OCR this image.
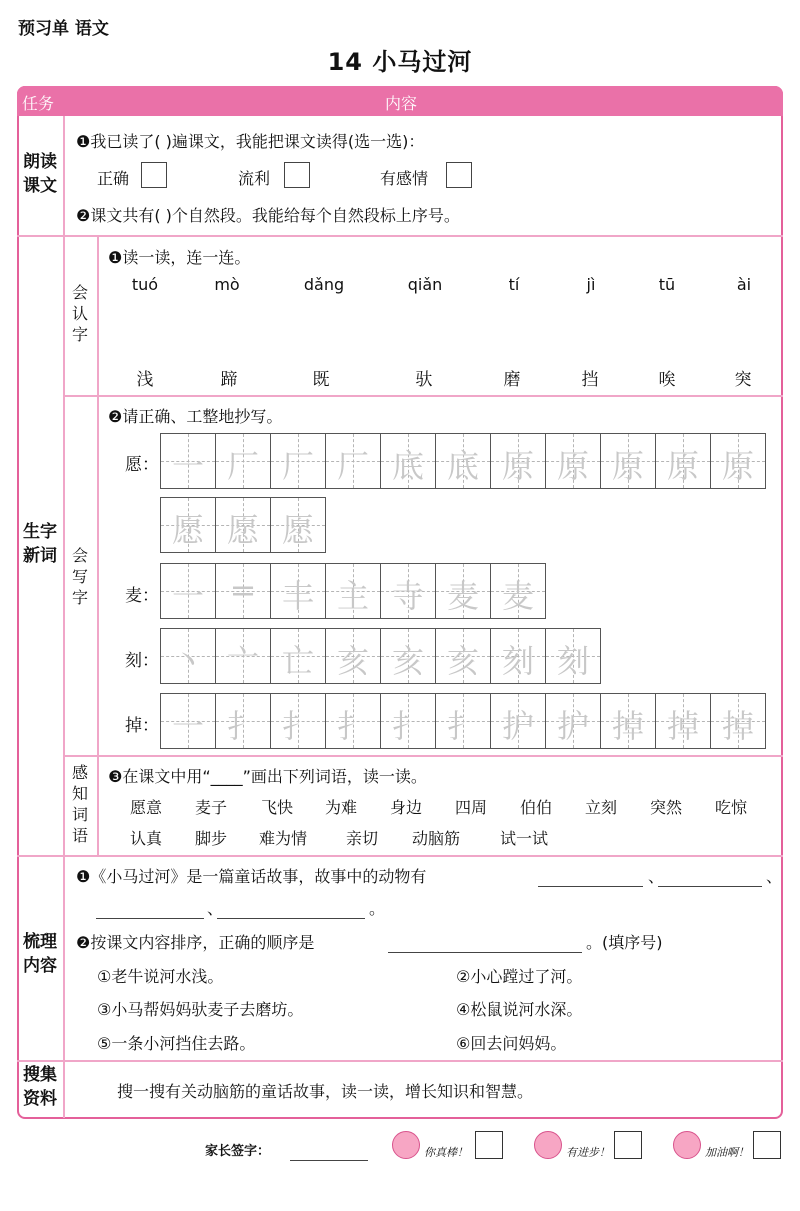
预习单 语文
14 小马过河
任务	内容
朗读
课文
❶我已读了( )遍课文，我能把课文读得(选一选)：
正确	流利	有感情
❷课文共有( )个自然段。我能给每个自然段标上序号。
生字
新词
会
认
字
❶读一读，连一连。
tuó	mò	dǎng	qiǎn	tí	jì	tū	ài
浅	蹄	既	驮	磨	挡	唉	突
会
写
字
❷请正确、工整地抄写。
愿： 一 厂 厂 厂 底 底 原 原 原 原 原
愿 愿 愿
麦： 一 = 丰 主 寺 麦 麦
刻： 丶 亠 亡 亥 亥 亥 刻 刻
掉： 一 扌 扌 扌 扌 扌 护 护 掉 掉 掉
感
知
词
语
❸在课文中用“____”画出下列词语，读一读。
愿意 麦子 飞快 为难 身边 四周 伯伯 立刻 突然 吃惊
认真 脚步 难为情 亲切 动脑筋 试一试
梳理
内容
❶《小马过河》是一篇童话故事，故事中的动物有	、	、
、	。
❷按课文内容排序，正确的顺序是	。(填序号)
①老牛说河水浅。	②小心蹚过了河。
③小马帮妈妈驮麦子去磨坊。	④松鼠说河水深。
⑤一条小河挡住去路。	⑥回去问妈妈。
搜集
资料	搜一搜有关动脑筋的童话故事，读一读，增长知识和智慧。
家长签字：	你真棒！	有进步！	加油啊！
